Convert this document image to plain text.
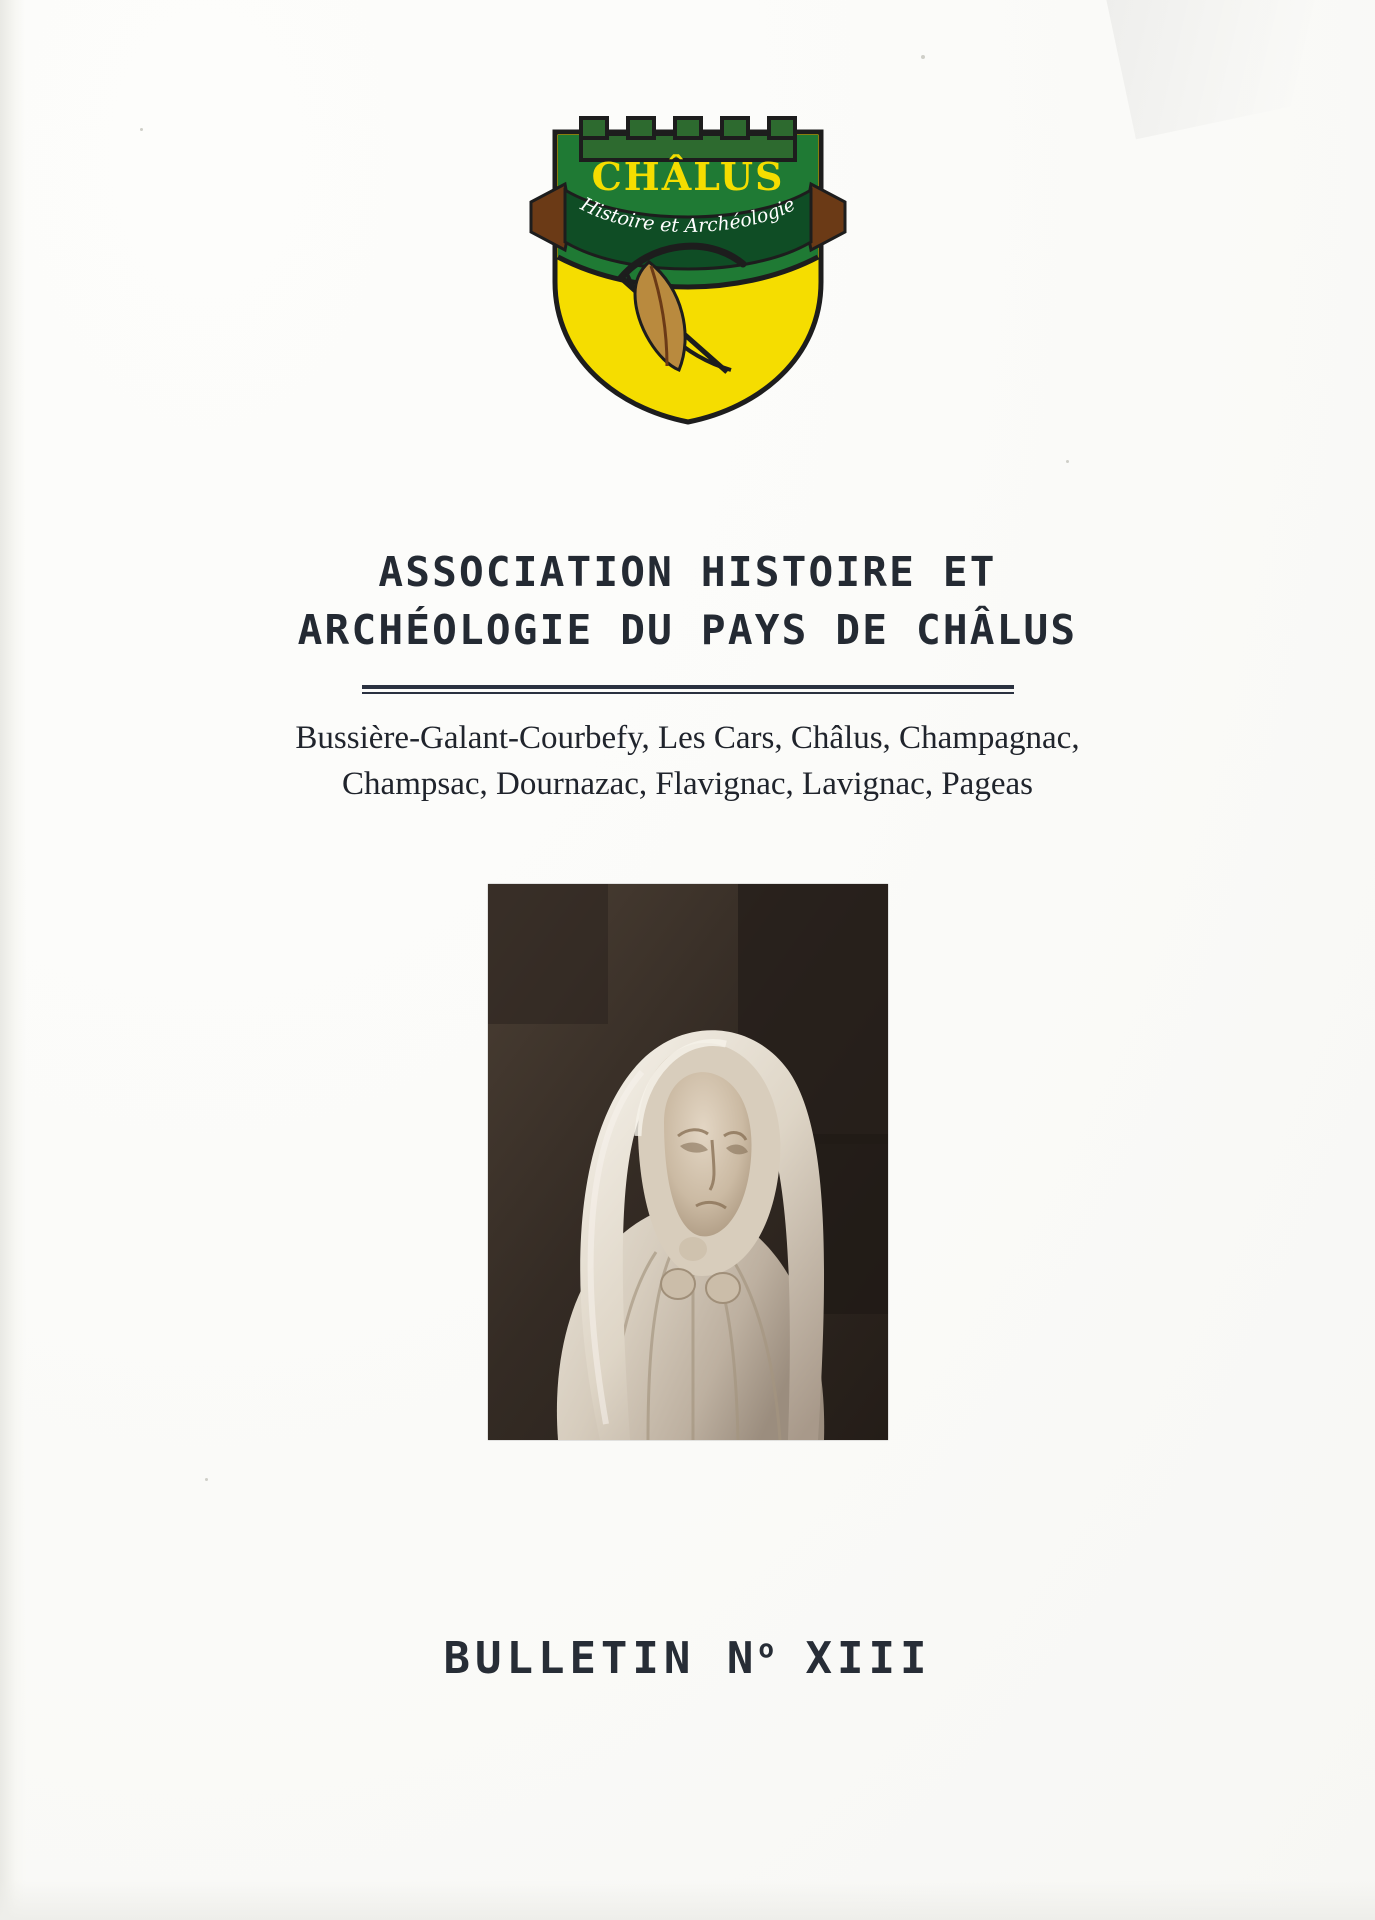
CHÂLUS
Histoire et Archéologie
ASSOCIATION HISTOIRE ET
ARCHÉOLOGIE DU PAYS DE CHÂLUS
Bussière-Galant-Courbefy, Les Cars, Châlus, Champagnac,
Champsac, Dournazac, Flavignac, Lavignac, Pageas
BULLETIN $N^o$ XIII
